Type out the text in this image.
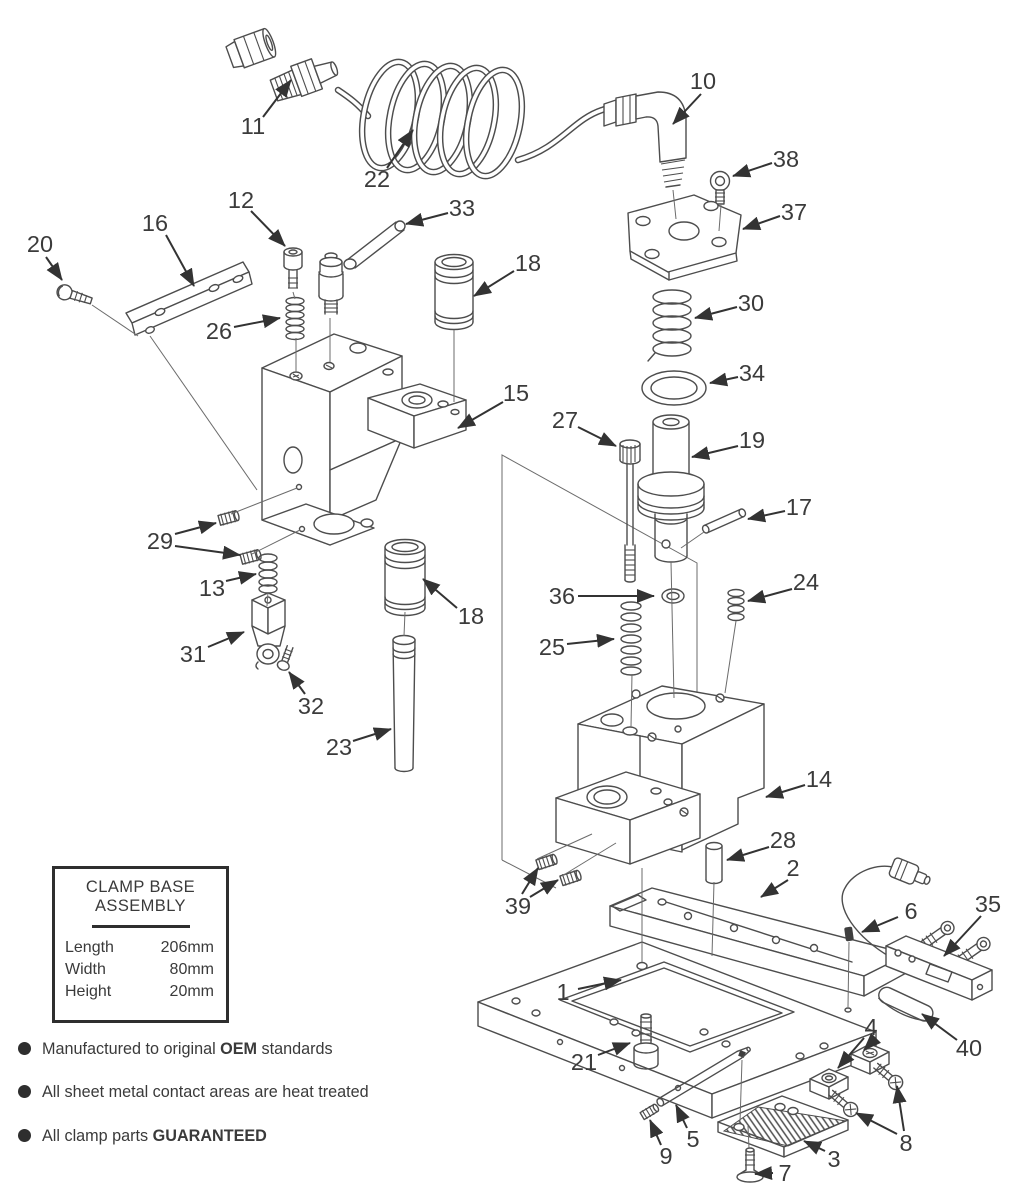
11
22
10
38
37
30
34
33
12
16
20
26
18
15
27
19
17
29
13
18
31
32
23
36
25
24
14
28
2
6 35
39
1
21
40
4
9
5
3
7
8
CLAMP BASE
ASSEMBLY
Length	206mm
Width	80mm
Height	20mm
Manufactured to original OEM standards
All sheet metal contact areas are heat treated
All clamp parts GUARANTEED
